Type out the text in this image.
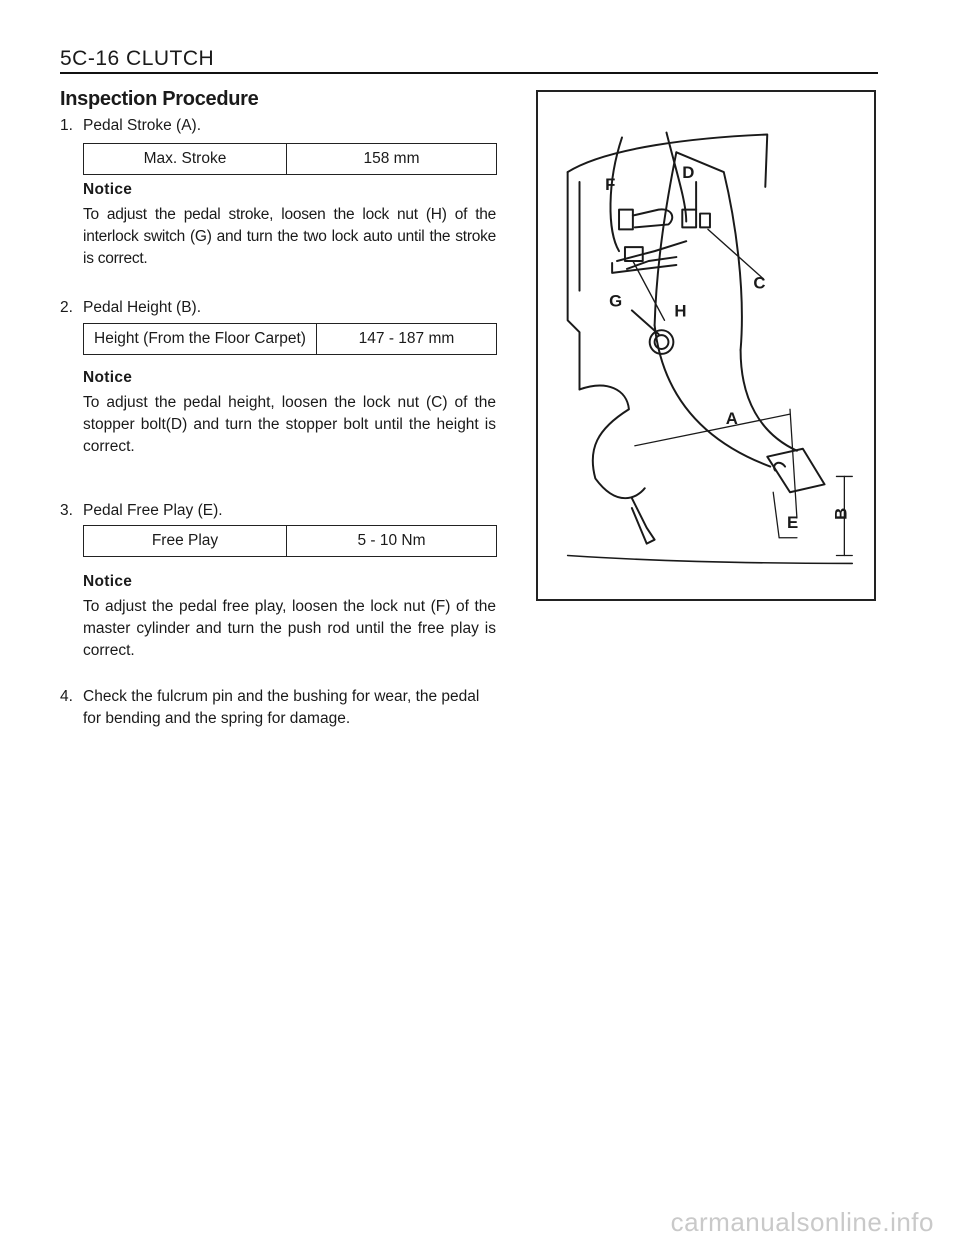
5C-16 CLUTCH
Inspection Procedure
1. Pedal Stroke (A).
Max. Stroke	158 mm
Notice
To adjust the pedal stroke, loosen the lock nut (H) of the interlock switch (G) and turn the two lock auto until the stroke is correct.
2. Pedal Height (B).
Height (From the Floor Carpet)	147 - 187 mm
Notice
To adjust the pedal height, loosen the lock nut (C) of the stopper bolt(D) and turn the stopper bolt until the height is correct.
3. Pedal Free Play (E).
Free Play	5 - 10 Nm
Notice
To adjust the pedal free play, loosen the lock nut (F) of the master cylinder and turn the push rod until the free play is correct.
4. Check the fulcrum pin and the bushing for wear, the pedal for bending and the spring for damage.
F
D
C
G
H
A
E B
carmanualsonline.info
